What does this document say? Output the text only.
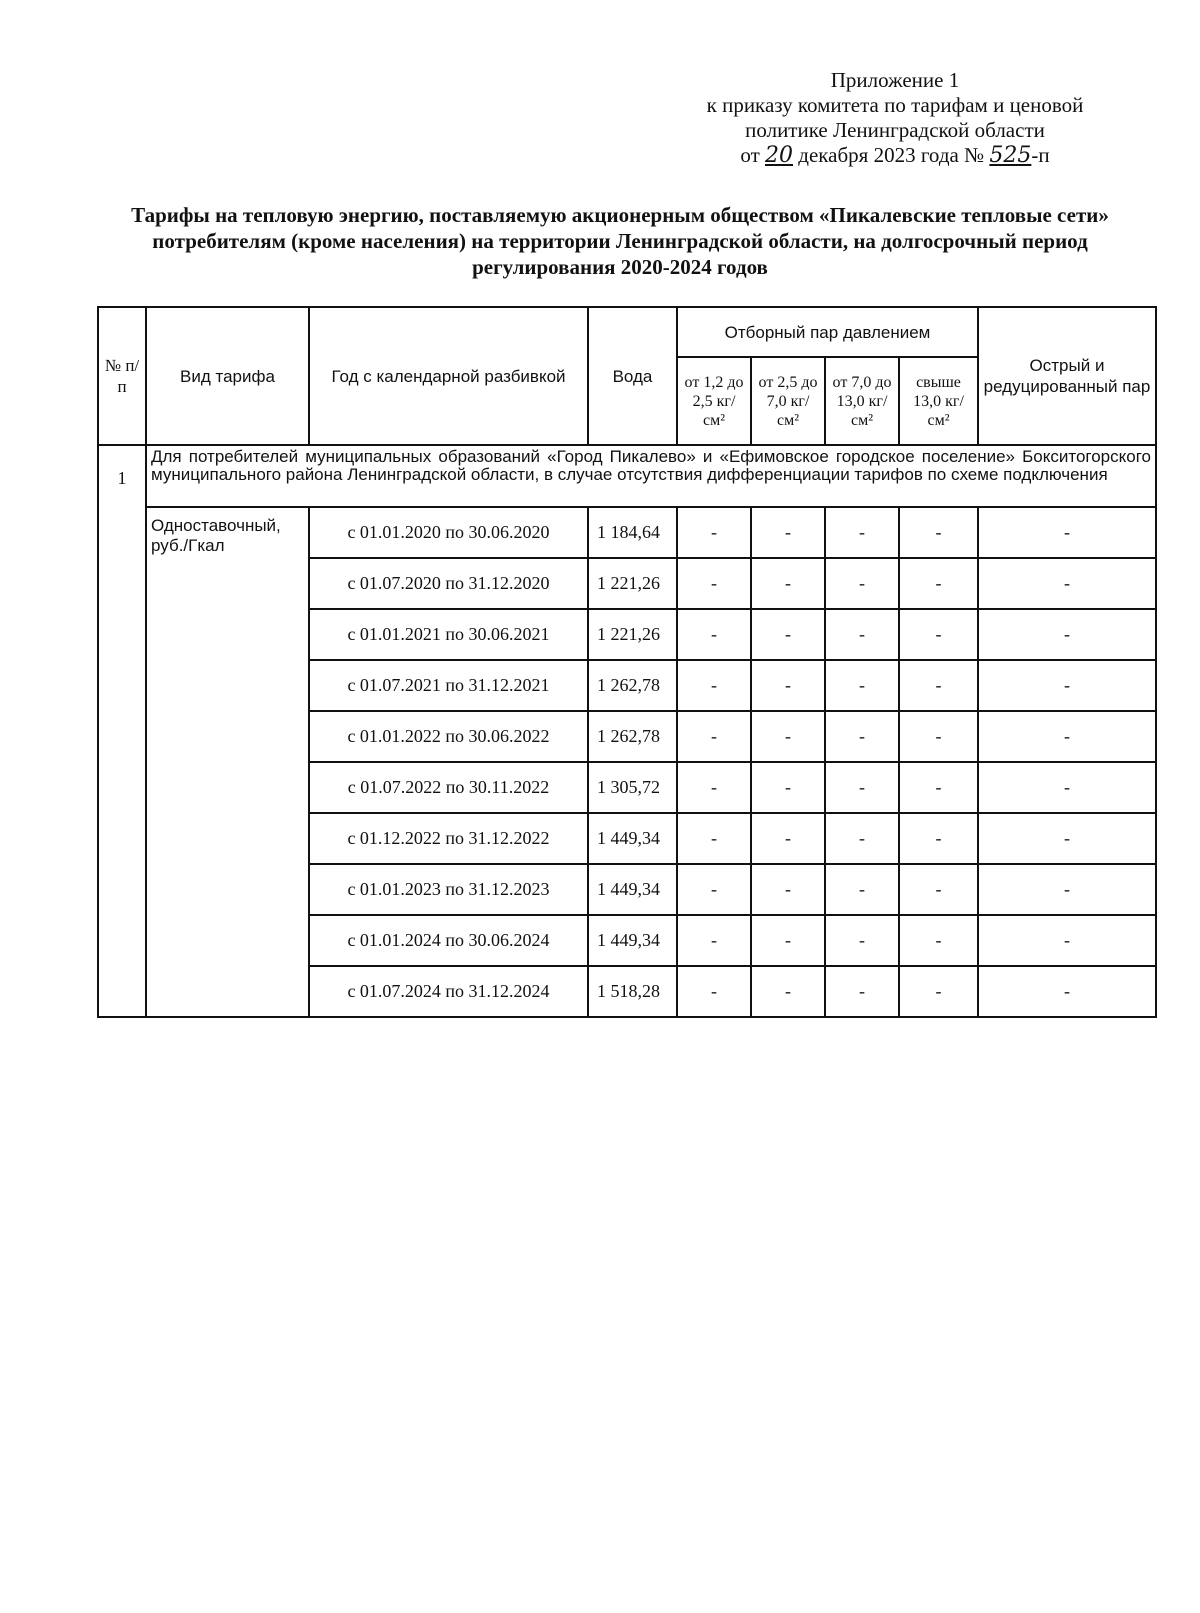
Приложение 1
к приказу комитета по тарифам и ценовой
политике Ленинградской области
от 20 декабря 2023 года № 525-п
Тарифы на тепловую энергию, поставляемую акционерным обществом «Пикалевские тепловые сети» потребителям (кроме населения) на территории Ленинградской области, на долгосрочный период регулирования 2020-2024 годов
№ п/п	Вид тарифа	Год с календарной разбивкой	Вода	Отборный пар давлением				Острый и редуцированный пар
				от 1,2 до 2,5 кг/см²	от 2,5 до 7,0 кг/см²	от 7,0 до 13,0 кг/см²	свыше 13,0 кг/см²	
1	Для потребителей муниципальных образований «Город Пикалево» и «Ефимовское городское поселение» Бокситогорского муниципального района Ленинградской области, в случае отсутствия дифференциации тарифов по схеме подключения							
	Одноставочный, руб./Гкал	с 01.01.2020 по 30.06.2020	1 184,64	-	-	-	-	-
		с 01.07.2020 по 31.12.2020	1 221,26	-	-	-	-	-
		с 01.01.2021 по 30.06.2021	1 221,26	-	-	-	-	-
		с 01.07.2021 по 31.12.2021	1 262,78	-	-	-	-	-
		с 01.01.2022 по 30.06.2022	1 262,78	-	-	-	-	-
		с 01.07.2022 по 30.11.2022	1 305,72	-	-	-	-	-
		с 01.12.2022 по 31.12.2022	1 449,34	-	-	-	-	-
		с 01.01.2023 по 31.12.2023	1 449,34	-	-	-	-	-
		с 01.01.2024 по 30.06.2024	1 449,34	-	-	-	-	-
		с 01.07.2024 по 31.12.2024	1 518,28	-	-	-	-	-
